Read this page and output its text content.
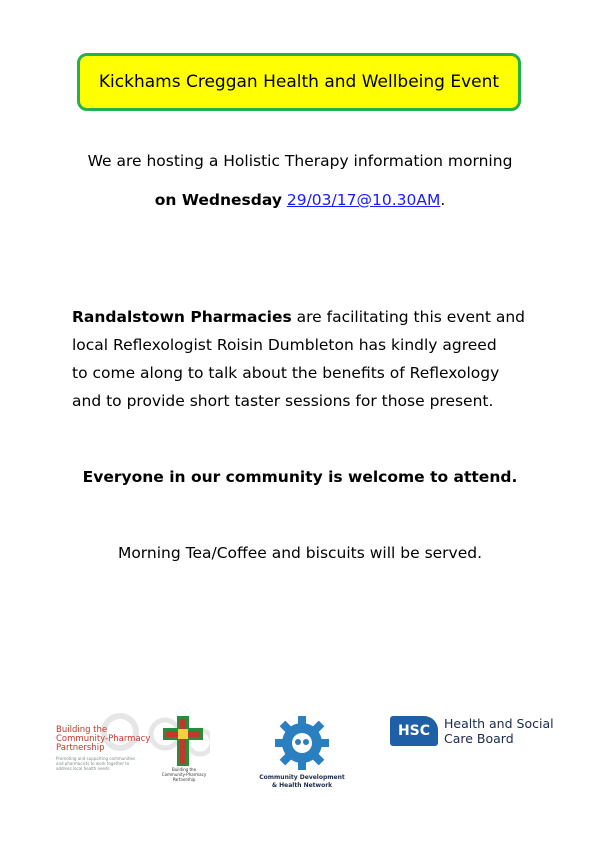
Kickhams Creggan Health and Wellbeing Event
We are hosting a Holistic Therapy information morning
on Wednesday 29/03/17@10.30AM.
Randalstown Pharmacies are facilitating this event and
local Reflexologist Roisin Dumbleton has kindly agreed
to come along to talk about the benefits of Reflexology
and to provide short taster sessions for those present.
Everyone in our community is welcome to attend.
Morning Tea/Coffee and biscuits will be served.
Building the
Community-Pharmacy
Partnership
Promoting and supporting communities and pharmacists to work together to address local health needs	Building the
Community-Pharmacy
Partnership	Community Development
& Health Network
HSC	Health and Social
Care Board
